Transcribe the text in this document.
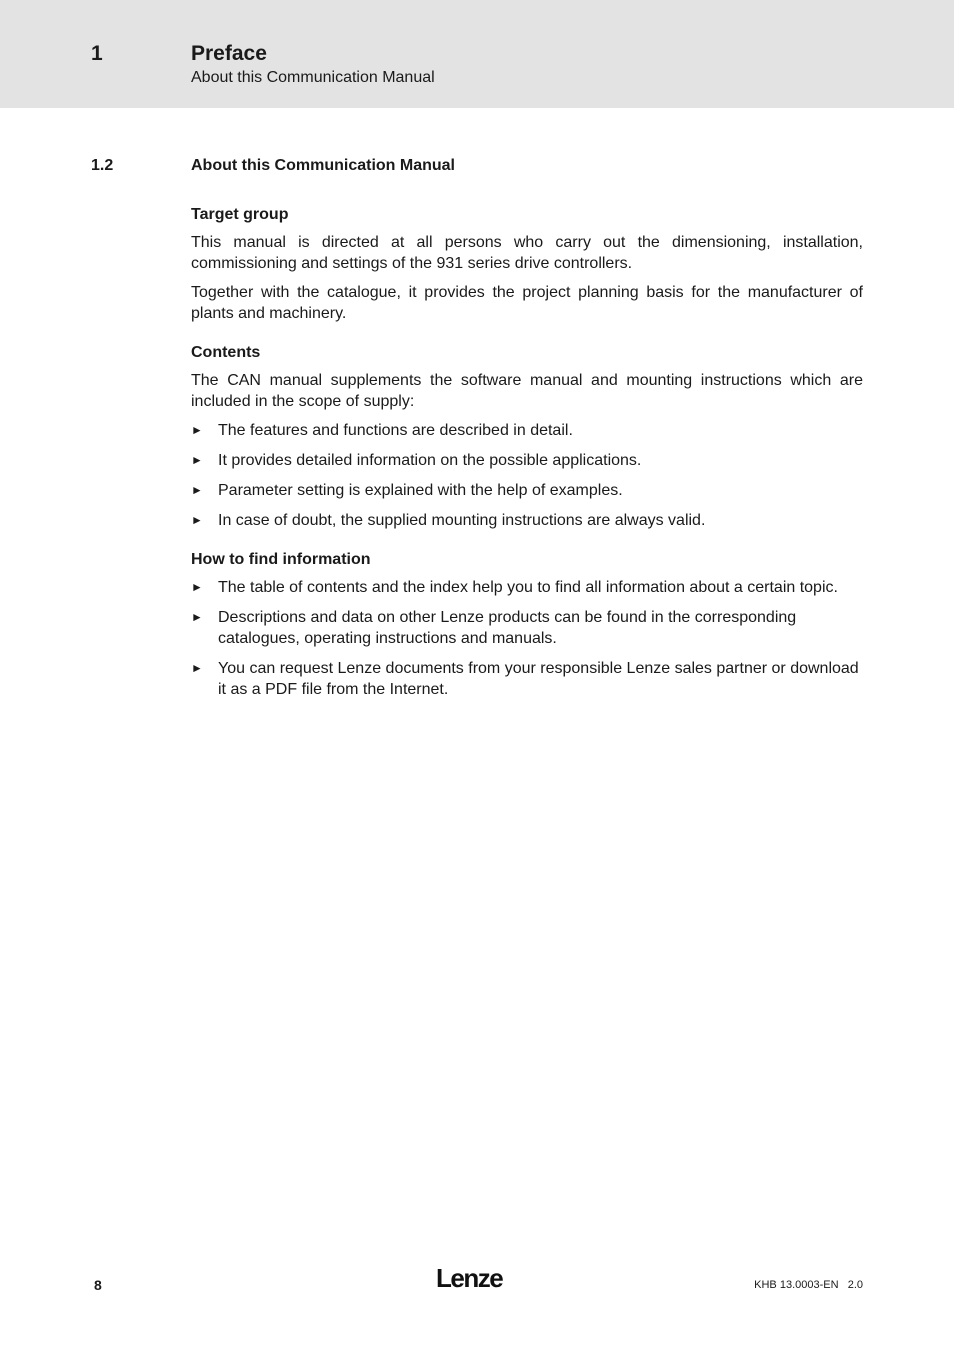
1	Preface
About this Communication Manual
1.2	About this Communication Manual
Target group

This manual is directed at all persons who carry out the dimensioning, installation, commissioning and settings of the 931 series drive controllers.

Together with the catalogue, it provides the project planning basis for the manufacturer of plants and machinery.

Contents

The CAN manual supplements the software manual and mounting instructions which are included in the scope of supply:

► The features and functions are described in detail.
► It provides detailed information on the possible applications.
► Parameter setting is explained with the help of examples.
► In case of doubt, the supplied mounting instructions are always valid.
How to find information
► The table of contents and the index help you to find all information about a certain topic.
► Descriptions and data on other Lenze products can be found in the corresponding catalogues, operating instructions and manuals.
► You can request Lenze documents from your responsible Lenze sales partner or download it as a PDF file from the Internet.
8	Lenze	KHB 13.0003-EN   2.0
